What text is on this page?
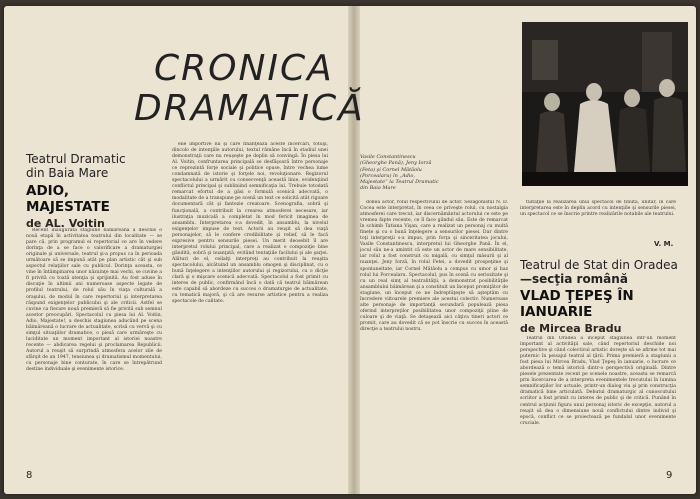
CRONICA
DRAMATICĂ
Teatrul Dramatic din Baia Mare
ADIO, MAJESTATE
de AL. Voitin

Recent inaugurata stagiune bămăreană a deschis o nouă etapă în activitatea teatrului din localitate — se pare că, prin programul ei repertorial ce are în vedere dorinţa de a se face o valorificare a dramaturgiei originale şi universale, teatrul şi-a propus ca în perioada următoare să se impună atât pe plan artistic cât şi sub aspectul relaţiilor sale cu publicul. Dorinţa aceasta, ce vine în întâmpinarea unor năzuinţe mai vechi, se cuvine a fi privită cu toată atenţia şi sprijinită. Au fost aduse în discuţie în ultimii ani numeroase aspecte legate de profilul teatrului, de rolul său în viaţa culturală a oraşului, de modul în care repertoriul şi interpretarea răspund exigenţelor publicului şi ale criticii. Astfel se cuvine ca fiecare nouă premieră să fie privită sub semnul acestor preocupări. Spectacolul cu piesa lui Al. Voitin, Adio, Majestate!, a deschis stagiunea aducând pe scena băimăreană o lucrare de actualitate, scrisă cu vervă şi cu simţul situaţiilor dramatice, o piesă care urmăreşte cu luciditate un moment important al istoriei noastre recente — abdicarea regelui şi proclamarea Republicii. Autorul a reuşit să surprindă atmosfera acelor zile de sfârşit de an 1947, tensiunea şi dramatismul momentului, cu personaje bine conturate, în care se întrepătrund destine individuale şi evenimente istorice.

ene importive lui şi care finanţează aceste încercări, totuşi, dincolo de intenţiile autorului, textul rămâne încă în stadiul unei demonstraţii care nu reuşeşte pe deplin să convingă. În piesa lui Al. Voitin, confruntarea principală se desfăşoară între personaje ce reprezintă forţe sociale şi politice opuse, între vechea lume condamnată de istorie şi forţele noi, revoluţionare. Regizorul spectacolului a urmărit cu consecvenţă această linie, evidenţiind conflictul principal şi subliniind semnificaţia lui. Trebuie totodată remarcat efortul de a găsi o formulă scenică adecvată, o modalitate de a transpune pe scenă un text ce solicită atât rigoare documentară cât şi fantezie creatoare. Scenografia, sobră şi funcţională, a contribuit la crearea atmosferei necesare, iar ilustraţia muzicală a completat în mod fericit imaginea de ansamblu. Interpretarea s-a dovedit, în ansamblu, la nivelul exigenţelor impuse de text. Actorii au reuşit să dea viaţă personajelor, să le confere credibilitate şi relief, să le facă expresive pentru sensurile piesei. Un merit deosebit îl are interpretul rolului principal, care a realizat o compoziţie bine gândită, sobră şi nuanţată, evitând tentaţiile facilului şi ale şarjei. Alături de el, ceilalţi interpreţi au contribuit la reuşita spectacolului, alcătuind un ansamblu omogen şi disciplinat, cu o bună înţelegere a intenţiilor autorului şi regizorului, cu o dicţie clară şi o mişcare scenică adecvată. Spectacolul a fost primit cu interes de public, confirmând încă o dată că teatrul băimărean este capabil să abordeze cu succes o dramaturgie de actualitate, cu tematică majoră, şi că are resurse artistice pentru a realiza spectacole de calitate.

8
Vasile Constantinescu (Gheorghe Pană), Jeny Iorză (Feta) şi Cornel Mătăolu (Porcealaru) în „Adio, Majestate” la Teatrul Dramatic din Baia Mare

dollea actor, rolul respectivului de actor. Sezagonistul N. D. Cocea este interpretat, în ceea ce priveşte rolul, cu nostalgia atmosferei care trecut, iar discernământul actorului ce este pe vremea fapte recente, ce îl face gândul său. Este de remarcat în schimb Tatiana Vişan, care a realizat un personaj cu multă finețe şi cu o bună înţelegere a sensurilor piesei. Dar dintre toţi interpreţii s-a impus, prin forţa şi sinceritatea jocului, Vasile Constantinescu, interpretul lui Gheorghe Pană. În el, jocul său ne-a amintit că este un actor de mare sensibilitate, iar rolul a fost construit cu migală, cu simţul măsurii şi al nuanţei. Jeny Iorză, în rolul Fetei, a dovedit prospeţime şi spontaneitate, iar Cornel Mătăolu a compus cu umor şi haz rolul lui Porcealaru. Spectacolul, pus în scenă cu seriozitate şi cu un real simţ al teatralităţii, a demonstrat posibilităţile ansamblului băimărean şi a constituit un început promiţător de stagiune, un început ce ne îndreptăţeşte să aşteptăm cu încredere viitoarele premiere ale acestui colectiv. Numeroase alte personaje de importanţă secundară populează piesa oferind interpreţilor posibilitatea unor compoziţii pline de culoare şi de viaţă. Se detaşează aici câţiva tineri actori ce promit, care au dovedit că se pot înscrie cu succes în această direcţie a teatrului nostru.

tuităţile la realizarea unui spectacol de ținută, unitar, în care interpretarea este în deplin acord cu intenţiile şi sensurile piesei, un spectacol ce se înscrie printre realizările notabile ale teatrului.

V. M.
Teatrul de Stat din Oradea
—secţia română
VLAD ŢEPEŞ ÎN IANUARIE
de Mircea Bradu

Teatrul din Oradea a început stagiunea într-un moment important al activităţii sale, când repertoriul deschide noi perspective şi când colectivul artistic doreşte să se afirme tot mai puternic în peisajul teatral al ţării. Prima premieră a stagiunii a fost piesa lui Mircea Bradu, Vlad Ţepeş în ianuarie, o lucrare ce abordează o temă istorică dintr-o perspectivă originală. Dintre piesele prezentate recent pe scenele noastre, aceasta se remarcă prin încercarea de a interpreta evenimentele trecutului în lumina semnificaţiilor lor actuale, printr-un dialog viu şi prin construcţia dramatică bine articulată. Debutul dramaturgic al cunoscutului scriitor a fost primit cu interes de public şi de critică. Punând în centrul acţiunii figura unui personaj istoric de excepţie, autorul a reuşit să dea o dimensiune nouă conflictului dintre individ şi epocă, conflict ce se proiectează pe fundalul unor evenimente cruciale.

9
